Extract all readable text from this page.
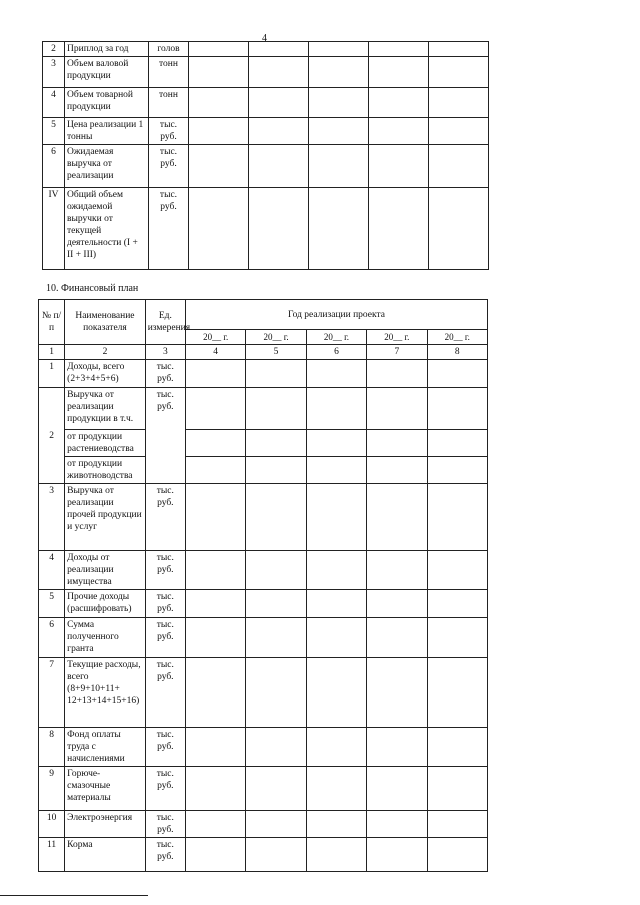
4
2	Приплод за год	голов					
3	Объем валовой продукции	тонн					
4	Объем товарной продукции	тонн					
5	Цена реализации 1 тонны	тыс. руб.					
6	Ожидаемая выручка от реализации	тыс. руб.					
IV	Общий объем ожидаемой выручки от текущей деятельности (I + II + III)	тыс. руб.					
10. Финансовый план
№ п/п	Наименование показателя	Ед. измерения	Год реализации проекта				
			20__ г.	20__ г.	20__ г.	20__ г.	20__ г.
1	2	3	4	5	6	7	8
1	Доходы, всего (2+3+4+5+6)	тыс. руб.					
2	Выручка от реализации продукции в т.ч.	тыс. руб.					
	от продукции растениеводства						
	от продукции животноводства						
3	Выручка от реализации прочей продукции и услуг	тыс. руб.					
4	Доходы от реализации имущества	тыс. руб.					
5	Прочие доходы (расшифровать)	тыс. руб.					
6	Сумма полученного гранта	тыс. руб.					
7	Текущие расходы, всего (8+9+10+11+ 12+13+14+15+16)	тыс. руб.					
8	Фонд оплаты труда с начислениями	тыс. руб.					
9	Горюче-смазочные материалы	тыс. руб.					
10	Электроэнергия	тыс. руб.					
11	Корма	тыс. руб.					
